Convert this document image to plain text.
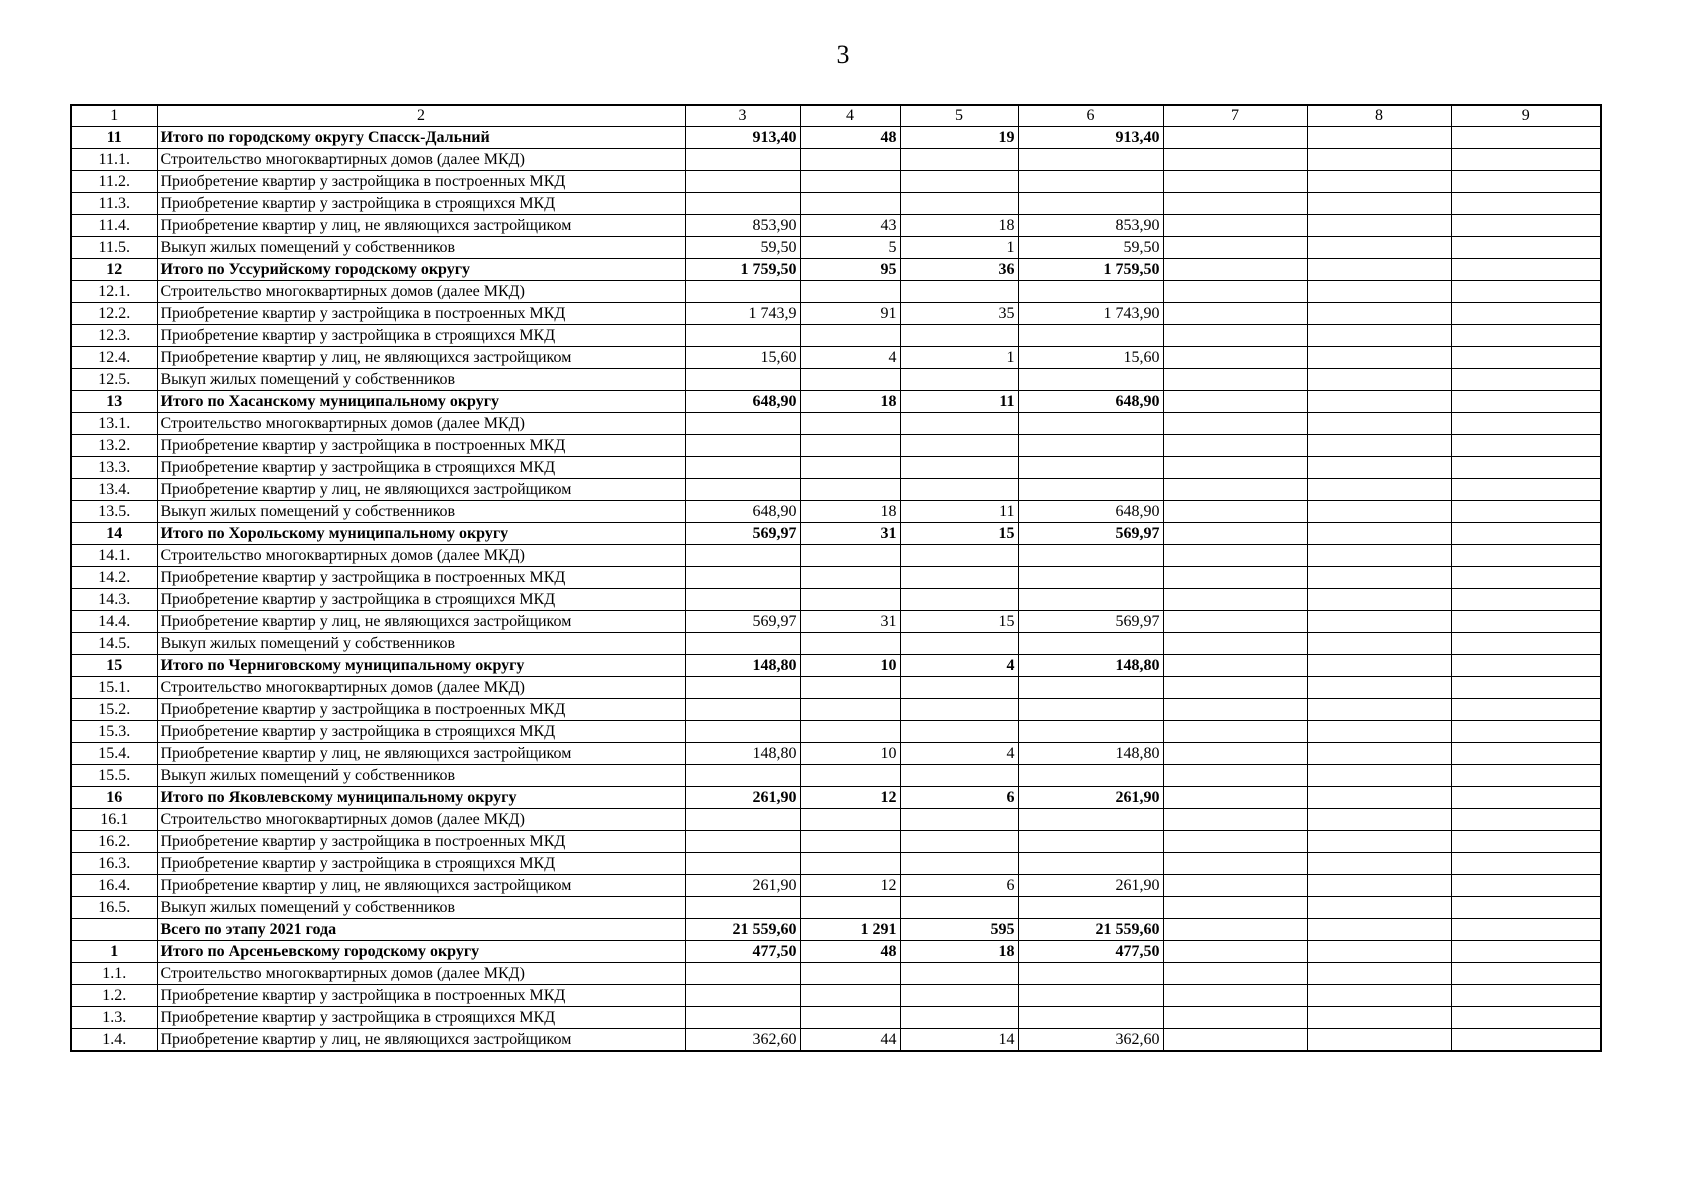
3
1	2	3	4	5	6	7	8	9
11	Итого по городскому округу Спасск-Дальний	913,40	48	19	913,40			
11.1.	Строительство многоквартирных домов (далее МКД)							
11.2.	Приобретение квартир у застройщика в построенных МКД							
11.3.	Приобретение квартир у застройщика в строящихся МКД							
11.4.	Приобретение квартир у лиц, не являющихся застройщиком	853,90	43	18	853,90			
11.5.	Выкуп жилых помещений у собственников	59,50	5	1	59,50			
12	Итого по Уссурийскому городскому округу	1 759,50	95	36	1 759,50			
12.1.	Строительство многоквартирных домов (далее МКД)							
12.2.	Приобретение квартир у застройщика в построенных МКД	1 743,9	91	35	1 743,90			
12.3.	Приобретение квартир у застройщика в строящихся МКД							
12.4.	Приобретение квартир у лиц, не являющихся застройщиком	15,60	4	1	15,60			
12.5.	Выкуп жилых помещений у собственников							
13	Итого по Хасанскому муниципальному округу	648,90	18	11	648,90			
13.1.	Строительство многоквартирных домов (далее МКД)							
13.2.	Приобретение квартир у застройщика в построенных МКД							
13.3.	Приобретение квартир у застройщика в строящихся МКД							
13.4.	Приобретение квартир у лиц, не являющихся застройщиком							
13.5.	Выкуп жилых помещений у собственников	648,90	18	11	648,90			
14	Итого по Хорольскому муниципальному округу	569,97	31	15	569,97			
14.1.	Строительство многоквартирных домов (далее МКД)							
14.2.	Приобретение квартир у застройщика в построенных МКД							
14.3.	Приобретение квартир у застройщика в строящихся МКД							
14.4.	Приобретение квартир у лиц, не являющихся застройщиком	569,97	31	15	569,97			
14.5.	Выкуп жилых помещений у собственников							
15	Итого по Черниговскому муниципальному округу	148,80	10	4	148,80			
15.1.	Строительство многоквартирных домов (далее МКД)							
15.2.	Приобретение квартир у застройщика в построенных МКД							
15.3.	Приобретение квартир у застройщика в строящихся МКД							
15.4.	Приобретение квартир у лиц, не являющихся застройщиком	148,80	10	4	148,80			
15.5.	Выкуп жилых помещений у собственников							
16	Итого по Яковлевскому муниципальному округу	261,90	12	6	261,90			
16.1	Строительство многоквартирных домов (далее МКД)							
16.2.	Приобретение квартир у застройщика в построенных МКД							
16.3.	Приобретение квартир у застройщика в строящихся МКД							
16.4.	Приобретение квартир у лиц, не являющихся застройщиком	261,90	12	6	261,90			
16.5.	Выкуп жилых помещений у собственников							
	Всего по этапу 2021 года	21 559,60	1 291	595	21 559,60			
1	Итого по Арсеньевскому городскому округу	477,50	48	18	477,50			
1.1.	Строительство многоквартирных домов (далее МКД)							
1.2.	Приобретение квартир у застройщика в построенных МКД							
1.3.	Приобретение квартир у застройщика в строящихся МКД							
1.4.	Приобретение квартир у лиц, не являющихся застройщиком	362,60	44	14	362,60			
